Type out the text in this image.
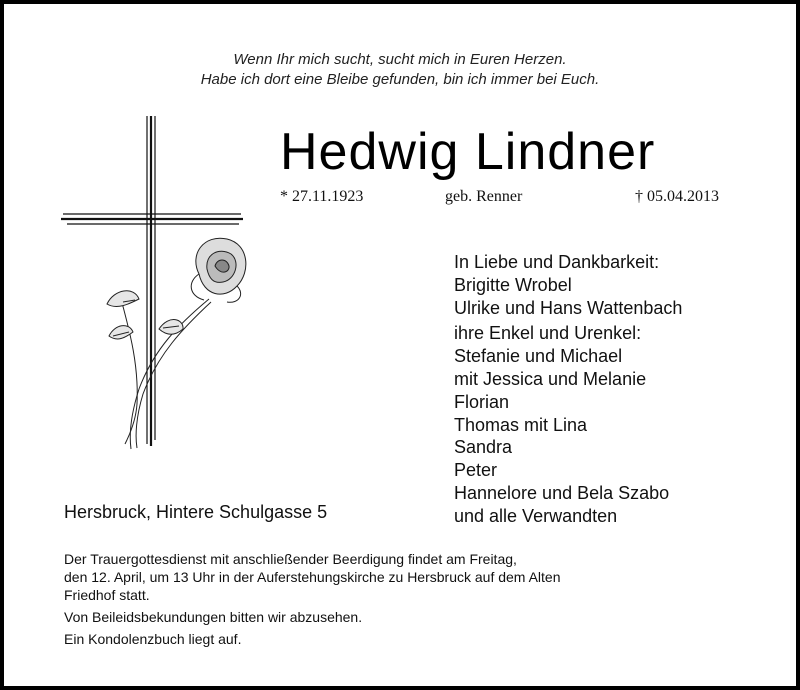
Wenn Ihr mich sucht, sucht mich in Euren Herzen.
Habe ich dort eine Bleibe gefunden, bin ich immer bei Euch.
Hedwig Lindner
* 27.11.1923	geb. Renner	† 05.04.2013
In Liebe und Dankbarkeit:
Brigitte Wrobel
Ulrike und Hans Wattenbach
ihre Enkel und Urenkel:
Stefanie und Michael
mit Jessica und Melanie
Florian
Thomas mit Lina
Sandra
Peter
Hannelore und Bela Szabo
und alle Verwandten
Hersbruck, Hintere Schulgasse 5

Der Trauergottesdienst mit anschließender Beerdigung findet am Freitag,
den 12. April, um 13 Uhr in der Auferstehungskirche zu Hersbruck auf dem Alten
Friedhof statt.

Von Beileidsbekundungen bitten wir abzusehen.

Ein Kondolenzbuch liegt auf.
